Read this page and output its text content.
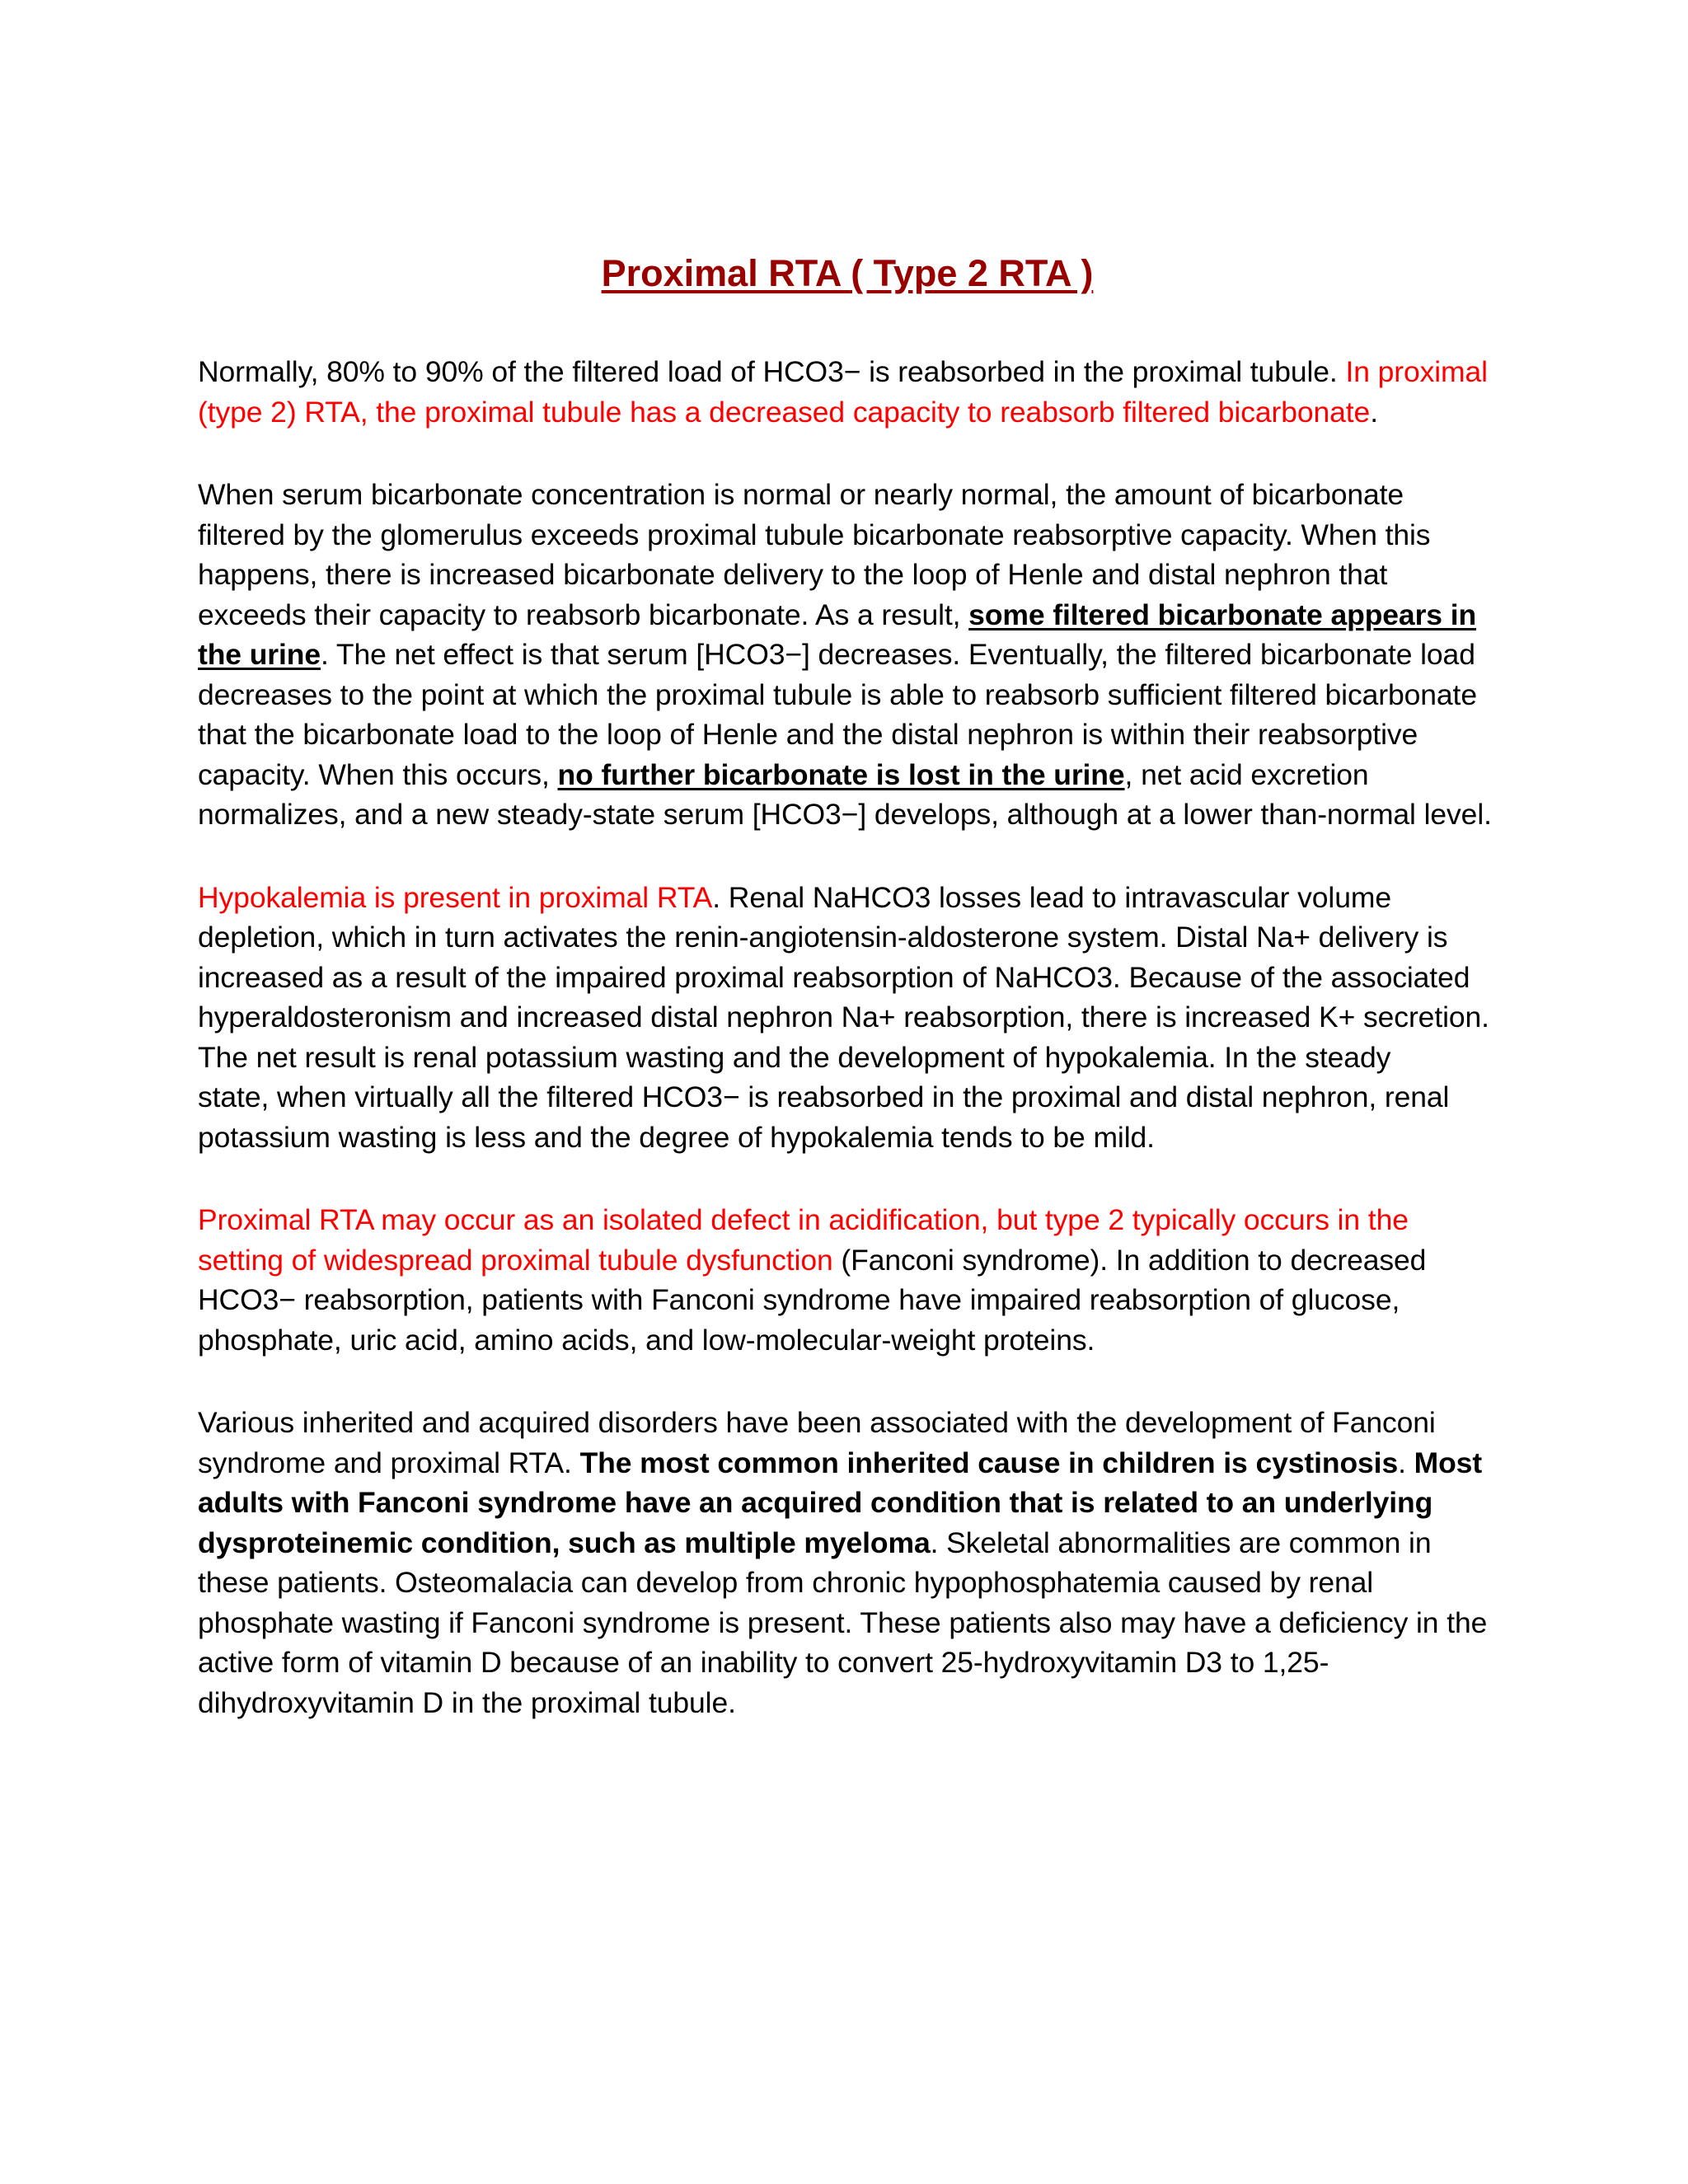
Proximal RTA ( Type 2 RTA )

Normally, 80% to 90% of the filtered load of HCO3− is reabsorbed in the proximal tubule. In proximal (type 2) RTA, the proximal tubule has a decreased capacity to reabsorb filtered bicarbonate.

When serum bicarbonate concentration is normal or nearly normal, the amount of bicarbonate filtered by the glomerulus exceeds proximal tubule bicarbonate reabsorptive capacity. When this happens, there is increased bicarbonate delivery to the loop of Henle and distal nephron that exceeds their capacity to reabsorb bicarbonate. As a result, some filtered bicarbonate appears in the urine. The net effect is that serum [HCO3−] decreases. Eventually, the filtered bicarbonate load decreases to the point at which the proximal tubule is able to reabsorb sufficient filtered bicarbonate that the bicarbonate load to the loop of Henle and the distal nephron is within their reabsorptive capacity. When this occurs, no further bicarbonate is lost in the urine, net acid excretion normalizes, and a new steady-state serum [HCO3−] develops, although at a lower than-normal level.

Hypokalemia is present in proximal RTA. Renal NaHCO3 losses lead to intravascular volume depletion, which in turn activates the renin-angiotensin-aldosterone system. Distal Na+ delivery is increased as a result of the impaired proximal reabsorption of NaHCO3. Because of the associated hyperaldosteronism and increased distal nephron Na+ reabsorption, there is increased K+ secretion. The net result is renal potassium wasting and the development of hypokalemia. In the steady
state, when virtually all the filtered HCO3− is reabsorbed in the proximal and distal nephron, renal potassium wasting is less and the degree of hypokalemia tends to be mild.

Proximal RTA may occur as an isolated defect in acidification, but type 2 typically occurs in the setting of widespread proximal tubule dysfunction (Fanconi syndrome). In addition to decreased HCO3− reabsorption, patients with Fanconi syndrome have impaired reabsorption of glucose, phosphate, uric acid, amino acids, and low-molecular-weight proteins.

Various inherited and acquired disorders have been associated with the development of Fanconi syndrome and proximal RTA. The most common inherited cause in children is cystinosis. Most adults with Fanconi syndrome have an acquired condition that is related to an underlying dysproteinemic condition, such as multiple myeloma. Skeletal abnormalities are common in these patients. Osteomalacia can develop from chronic hypophosphatemia caused by renal phosphate wasting if Fanconi syndrome is present. These patients also may have a deficiency in the active form of vitamin D because of an inability to convert 25-hydroxyvitamin D3 to 1,25-dihydroxyvitamin D in the proximal tubule.
